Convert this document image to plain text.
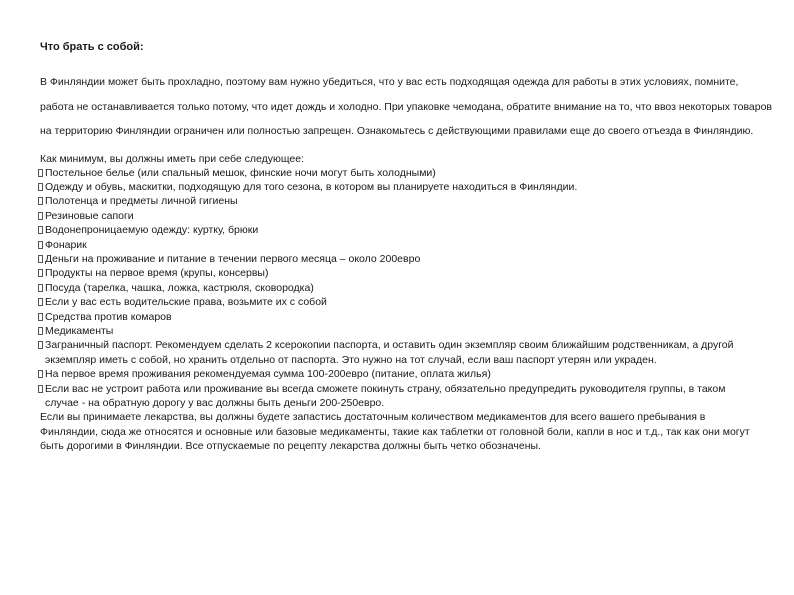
Что брать с собой:

В Финляндии может быть прохладно, поэтому вам нужно убедиться, что у вас есть подходящая одежда для работы в этих условиях, помните, работа не останавливается только потому, что идет дождь и холодно. При упаковке чемодана, обратите внимание на то, что ввоз некоторых товаров на территорию Финляндии ограничен или полностью запрещен. Ознакомьтесь с действующими правилами еще до своего отъезда в Финляндию.

Как минимум, вы должны иметь при себе следующее:

Постельное белье (или спальный мешок, финские ночи могут быть холодными)
Одежду и обувь, маскитки, подходящую для того сезона, в котором вы планируете находиться в Финляндии.
Полотенца и предметы личной гигиены
Резиновые сапоги
Водонепроницаемую одежду: куртку, брюки
Фонарик
Деньги на проживание и питание в течении первого месяца – около 200евро
Продукты на первое время (крупы, консервы)
Посуда (тарелка, чашка, ложка, кастрюля, сковородка)
Если у вас есть водительские права, возьмите их с собой
Средства против комаров
Медикаменты
Заграничный паспорт. Рекомендуем сделать 2 ксерокопии паспорта, и оставить один экземпляр своим ближайшим родственникам, а другой экземпляр иметь с собой, но хранить отдельно от паспорта. Это нужно на тот случай, если ваш паспорт утерян или украден.
На первое время проживания рекомендуемая сумма 100-200евро (питание, оплата жилья)
Если вас не устроит работа или проживание вы всегда сможете покинуть страну, обязательно предупредить руководителя группы, в таком случае - на обратную дорогу у вас должны быть деньги 200-250евро.
Если вы принимаете лекарства, вы должны будете запастись достаточным количеством медикаментов для всего вашего пребывания в Финляндии, сюда же относятся и основные или базовые медикаменты, такие как таблетки от головной боли, капли в нос и т.д., так как они могут быть дорогими в Финляндии. Все отпускаемые по рецепту лекарства должны быть четко обозначены.
